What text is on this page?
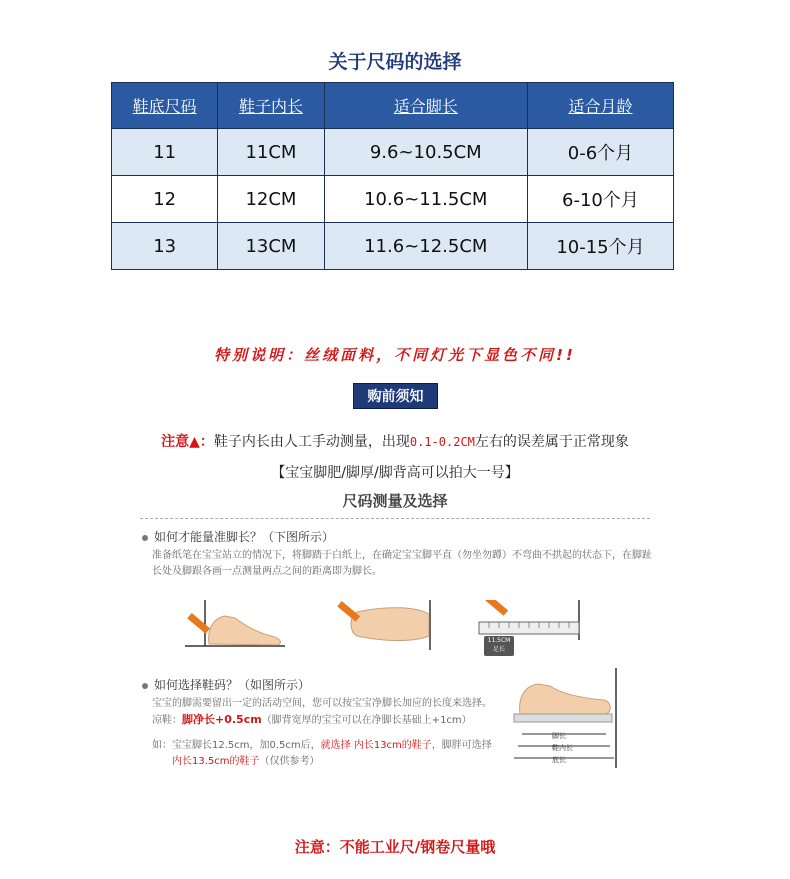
关于尺码的选择
鞋底尺码	鞋子内长	适合脚长	适合月龄
11	11CM	9.6~10.5CM	0-6个月
12	12CM	10.6~11.5CM	6-10个月
13	13CM	11.6~12.5CM	10-15个月
特别说明：丝绒面料，不同灯光下显色不同!!
购前须知
注意▲：鞋子内长由人工手动测量，出现0.1-0.2CM左右的误差属于正常现象
【宝宝脚肥/脚厚/脚背高可以拍大一号】
尺码测量及选择
如何才能量准脚长？（下图所示）
准备纸笔在宝宝站立的情况下，将脚踏于白纸上，在确定宝宝脚平直（勿坐勿蹲）不弯曲不拱起的状态下，在脚趾
长处及脚跟各画一点测量两点之间的距离即为脚长。
11.5CM
足长
如何选择鞋码？（如图所示）
宝宝的脚需要留出一定的活动空间，您可以按宝宝净脚长加应的长度来选择。
凉鞋：脚净长+0.5cm（脚背宽厚的宝宝可以在净脚长基础上+1cm）
如：宝宝脚长12.5cm，加0.5cm后，就选择 内长13cm的鞋子，脚胖可选择
内长13.5cm的鞋子（仅供参考）
脚长
鞋内长
底长
注意：不能工业尺/钢卷尺量哦
